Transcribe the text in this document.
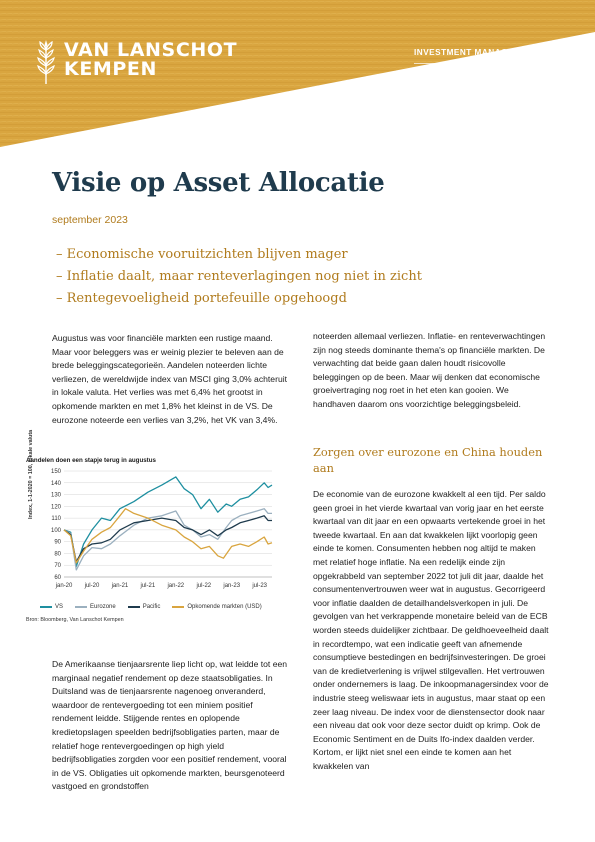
VAN LANSCHOT
KEMPEN
INVESTMENT MANAGEMENT
Visie op Asset Allocatie
september 2023
– Economische vooruitzichten blijven mager
– Inflatie daalt, maar renteverlagingen nog niet in zicht
– Rentegevoeligheid portefeuille opgehoogd

Augustus was voor financiële markten een rustige maand. Maar voor beleggers was er weinig plezier te beleven aan de brede beleggingscategorieën. Aandelen noteerden lichte verliezen, de wereldwijde index van MSCI ging 3,0% achteruit in lokale valuta. Het verlies was met 6,4% het grootst in opkomende markten en met 1,8% het kleinst in de VS. De eurozone noteerde een verlies van 3,2%, het VK van 3,4%.

Aandelen doen een stapje terug in augustus
60
70
80
90
100
110
120
130
140
150
jan-20 jul-20 jan-21 jul-21 jan-22 jul-22 jan-23 jul-23
Index, 1-1-2020 = 100, lokale valuta
VS	Eurozone	Pacific	Opkomende markten (USD)
Bron: Bloomberg, Van Lanschot Kempen

De Amerikaanse tienjaarsrente liep licht op, wat leidde tot een marginaal negatief rendement op deze staatsobligaties. In Duitsland was de tienjaarsrente nagenoeg onveranderd, waardoor de rentevergoeding tot een miniem positief rendement leidde. Stijgende rentes en oplopende kredietopslagen speelden bedrijfsobligaties parten, maar de relatief hoge rentevergoedingen op high yield bedrijfsobligaties zorgden voor een positief rendement, vooral in de VS. Obligaties uit opkomende markten, beursgenoteerd vastgoed en grondstoffen

noteerden allemaal verliezen. Inflatie- en renteverwachtingen zijn nog steeds dominante thema's op financiële markten. De verwachting dat beide gaan dalen houdt risicovolle beleggingen op de been. Maar wij denken dat economische groeivertraging nog roet in het eten kan gooien. We handhaven daarom ons voorzichtige beleggingsbeleid.

Zorgen over eurozone en China houden aan

De economie van de eurozone kwakkelt al een tijd. Per saldo geen groei in het vierde kwartaal van vorig jaar en het eerste kwartaal van dit jaar en een opwaarts vertekende groei in het tweede kwartaal. En aan dat kwakkelen lijkt voorlopig geen einde te komen. Consumenten hebben nog altijd te maken met relatief hoge inflatie. Na een redelijk einde zijn opgekrabbeld van september 2022 tot juli dit jaar, daalde het consumentenvertrouwen weer wat in augustus. Gecorrigeerd voor inflatie daalden de detailhandelsverkopen in juli. De gevolgen van het verkrappende monetaire beleid van de ECB worden steeds duidelijker zichtbaar. De geldhoeveelheid daalt in recordtempo, wat een indicatie geeft van afnemende consumptieve bestedingen en bedrijfsinvesteringen. De groei van de kredietverlening is vrijwel stilgevallen. Het vertrouwen onder ondernemers is laag. De inkoopmanagersindex voor de industrie steeg weliswaar iets in augustus, maar staat op een zeer laag niveau. De index voor de dienstensector dook naar een niveau dat ook voor deze sector duidt op krimp. Ook de Economic Sentiment en de Duits Ifo-index daalden verder. Kortom, er lijkt niet snel een einde te komen aan het kwakkelen van
